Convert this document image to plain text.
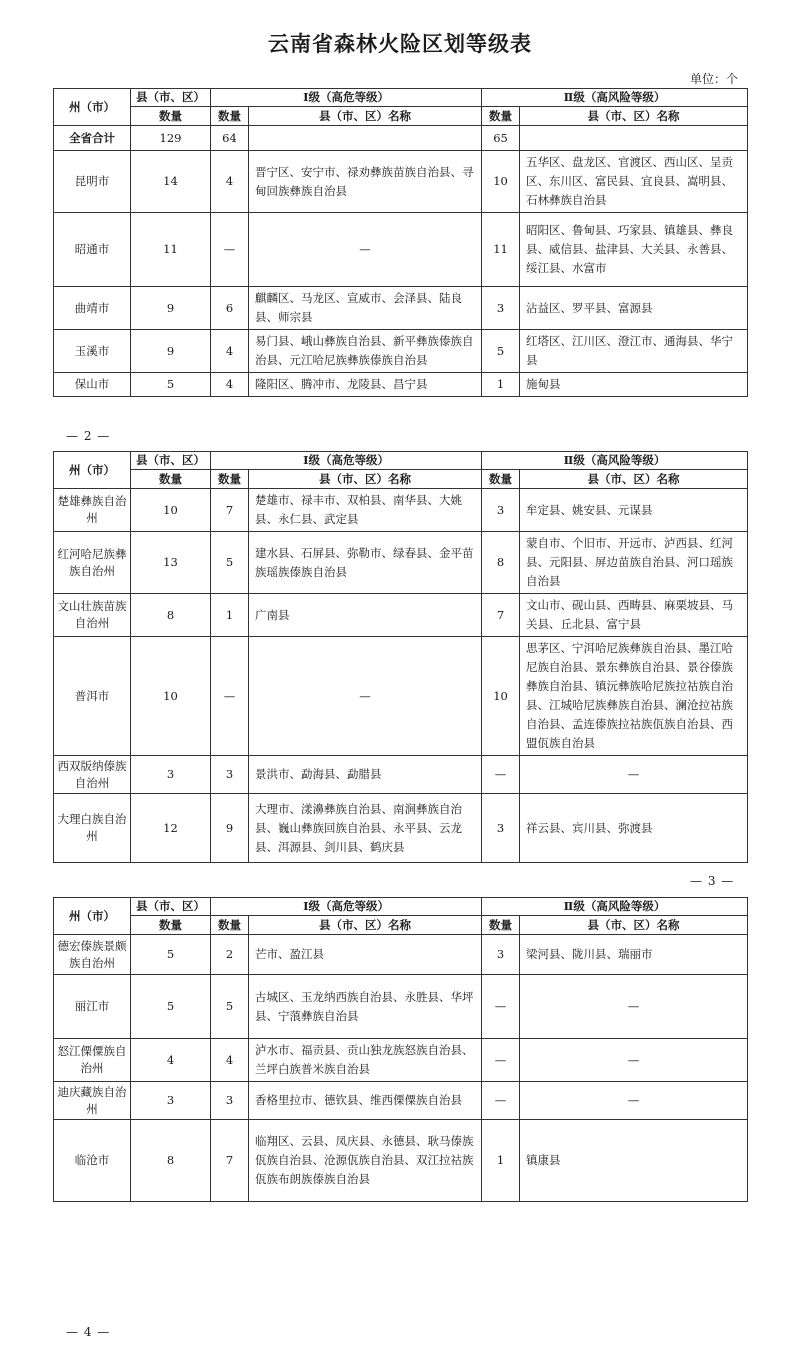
云南省森林火险区划等级表
单位：个
州（市）	县（市、区）	Ⅰ级（高危等级）		Ⅱ级（高风险等级）	
	数量	数量	县（市、区）名称	数量	县（市、区）名称
全省合计	129	64		65	
昆明市	14	4	晋宁区、安宁市、禄劝彝族苗族自治县、寻甸回族彝族自治县	10	五华区、盘龙区、官渡区、西山区、呈贡区、东川区、富民县、宜良县、嵩明县、石林彝族自治县
昭通市	11	—	—	11	昭阳区、鲁甸县、巧家县、镇雄县、彝良县、威信县、盐津县、大关县、永善县、绥江县、水富市
曲靖市	9	6	麒麟区、马龙区、宣威市、会泽县、陆良县、师宗县	3	沾益区、罗平县、富源县
玉溪市	9	4	易门县、峨山彝族自治县、新平彝族傣族自治县、元江哈尼族彝族傣族自治县	5	红塔区、江川区、澄江市、通海县、华宁县
保山市	5	4	隆阳区、腾冲市、龙陵县、昌宁县	1	施甸县
— 2 —
州（市）	县（市、区）	Ⅰ级（高危等级）		Ⅱ级（高风险等级）	
	数量	数量	县（市、区）名称	数量	县（市、区）名称
楚雄彝族自治州	10	7	楚雄市、禄丰市、双柏县、南华县、大姚县、永仁县、武定县	3	牟定县、姚安县、元谋县
红河哈尼族彝族自治州	13	5	建水县、石屏县、弥勒市、绿春县、金平苗族瑶族傣族自治县	8	蒙自市、个旧市、开远市、泸西县、红河县、元阳县、屏边苗族自治县、河口瑶族自治县
文山壮族苗族自治州	8	1	广南县	7	文山市、砚山县、西畴县、麻栗坡县、马关县、丘北县、富宁县
普洱市	10	—	—	10	思茅区、宁洱哈尼族彝族自治县、墨江哈尼族自治县、景东彝族自治县、景谷傣族彝族自治县、镇沅彝族哈尼族拉祜族自治县、江城哈尼族彝族自治县、澜沧拉祜族自治县、孟连傣族拉祜族佤族自治县、西盟佤族自治县
西双版纳傣族自治州	3	3	景洪市、勐海县、勐腊县	—	—
大理白族自治州	12	9	大理市、漾濞彝族自治县、南涧彝族自治县、巍山彝族回族自治县、永平县、云龙县、洱源县、剑川县、鹤庆县	3	祥云县、宾川县、弥渡县
— 3 —
州（市）	县（市、区）	Ⅰ级（高危等级）		Ⅱ级（高风险等级）	
	数量	数量	县（市、区）名称	数量	县（市、区）名称
德宏傣族景颇族自治州	5	2	芒市、盈江县	3	梁河县、陇川县、瑞丽市
丽江市	5	5	古城区、玉龙纳西族自治县、永胜县、华坪县、宁蒗彝族自治县	—	—
怒江傈僳族自治州	4	4	泸水市、福贡县、贡山独龙族怒族自治县、兰坪白族普米族自治县	—	—
迪庆藏族自治州	3	3	香格里拉市、德钦县、维西傈僳族自治县	—	—
临沧市	8	7	临翔区、云县、凤庆县、永德县、耿马傣族佤族自治县、沧源佤族自治县、双江拉祜族佤族布朗族傣族自治县	1	镇康县
— 4 —
